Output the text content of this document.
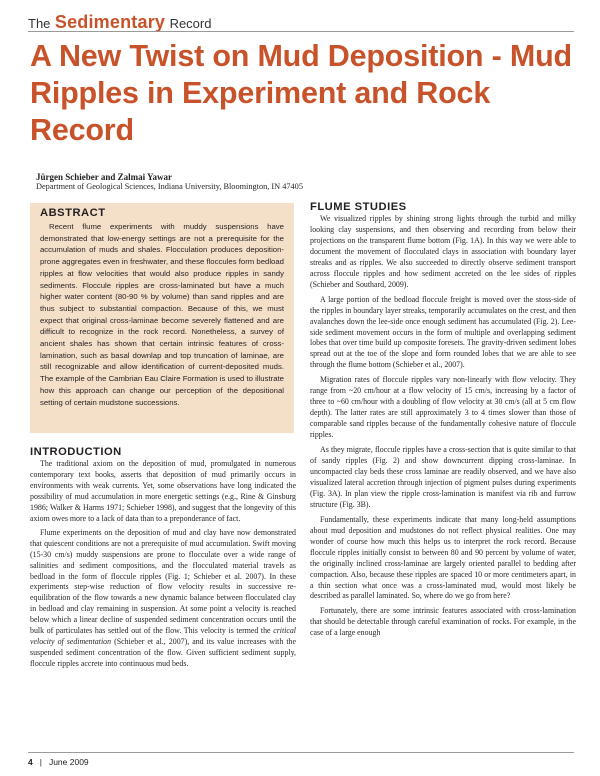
The Sedimentary Record
A New Twist on Mud Deposition - Mud Ripples in Experiment and Rock Record
Jürgen Schieber and Zalmai Yawar
Department of Geological Sciences, Indiana University, Bloomington, IN 47405
ABSTRACT

Recent flume experiments with muddy suspensions have demonstrated that low-energy settings are not a prerequisite for the accumulation of muds and shales. Flocculation produces deposition-prone aggregates even in freshwater, and these floccules form bedload ripples at flow velocities that would also produce ripples in sandy sediments. Floccule ripples are cross-laminated but have a much higher water content (80-90 % by volume) than sand ripples and are thus subject to substantial compaction. Because of this, we must expect that original cross-laminae become severely flattened and are difficult to recognize in the rock record. Nonetheless, a survey of ancient shales has shown that certain intrinsic features of cross-lamination, such as basal downlap and top truncation of laminae, are still recognizable and allow identification of current-deposited muds. The example of the Cambrian Eau Claire Formation is used to illustrate how this approach can change our perception of the depositional setting of certain mudstone successions.

INTRODUCTION

The traditional axiom on the deposition of mud, promulgated in numerous contemporary text books, asserts that deposition of mud primarily occurs in environments with weak currents. Yet, some observations have long indicated the possibility of mud accumulation in more energetic settings (e.g., Rine & Ginsburg 1986; Walker & Harms 1971; Schieber 1998), and suggest that the longevity of this axiom owes more to a lack of data than to a preponderance of fact.

Flume experiments on the deposition of mud and clay have now demonstrated that quiescent conditions are not a prerequisite of mud accumulation. Swift moving (15-30 cm/s) muddy suspensions are prone to flocculate over a wide range of salinities and sediment compositions, and the flocculated material travels as bedload in the form of floccule ripples (Fig. 1; Schieber et al. 2007). In these experiments step-wise reduction of flow velocity results in successive re-equilibration of the flow towards a new dynamic balance between flocculated clay in bedload and clay remaining in suspension. At some point a velocity is reached below which a linear decline of suspended sediment concentration occurs until the bulk of particulates has settled out of the flow. This velocity is termed the critical velocity of sedimentation (Schieber et al., 2007), and its value increases with the suspended sediment concentration of the flow. Given sufficient sediment supply, floccule ripples accrete into continuous mud beds.

FLUME STUDIES

We visualized ripples by shining strong lights through the turbid and milky looking clay suspensions, and then observing and recording from below their projections on the transparent flume bottom (Fig. 1A). In this way we were able to document the movement of flocculated clays in association with boundary layer streaks and as ripples. We also succeeded to directly observe sediment transport across floccule ripples and how sediment accreted on the lee sides of ripples (Schieber and Southard, 2009).

A large portion of the bedload floccule freight is moved over the stoss-side of the ripples in boundary layer streaks, temporarily accumulates on the crest, and then avalanches down the lee-side once enough sediment has accumulated (Fig. 2). Lee-side sediment movement occurs in the form of multiple and overlapping sediment lobes that over time build up composite foresets. The gravity-driven sediment lobes spread out at the toe of the slope and form rounded lobes that we are able to see through the flume bottom (Schieber et al., 2007).

Migration rates of floccule ripples vary non-linearly with flow velocity. They range from ~20 cm/hour at a flow velocity of 15 cm/s, increasing by a factor of three to ~60 cm/hour with a doubling of flow velocity at 30 cm/s (all at 5 cm flow depth). The latter rates are still approximately 3 to 4 times slower than those of comparable sand ripples because of the fundamentally cohesive nature of floccule ripples.

As they migrate, floccule ripples have a cross-section that is quite similar to that of sandy ripples (Fig. 2) and show downcurrent dipping cross-laminae. In uncompacted clay beds these cross laminae are readily observed, and we have also visualized lateral accretion through injection of pigment pulses during experiments (Fig. 3A). In plan view the ripple cross-lamination is manifest via rib and furrow structure (Fig. 3B).

Fundamentally, these experiments indicate that many long-held assumptions about mud deposition and mudstones do not reflect physical realities. One may wonder of course how much this helps us to interpret the rock record. Because floccule ripples initially consist to between 80 and 90 percent by volume of water, the originally inclined cross-laminae are largely oriented parallel to bedding after compaction. Also, because these ripples are spaced 10 or more centimeters apart, in a thin section what once was a cross-laminated mud, would most likely be described as parallel laminated. So, where do we go from here?

Fortunately, there are some intrinsic features associated with cross-lamination that should be detectable through careful examination of rocks. For example, in the case of a large enough

4 | June 2009
